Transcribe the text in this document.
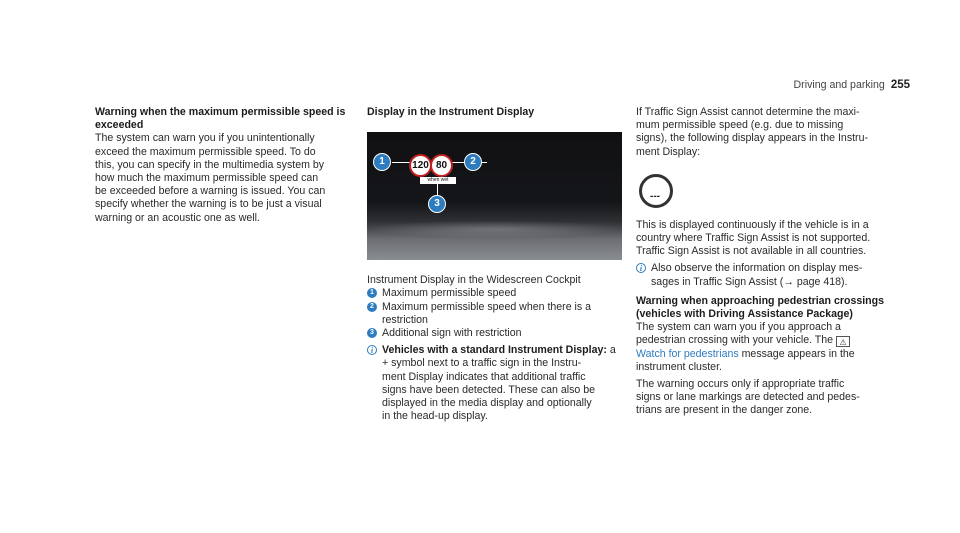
Driving and parking 255
Warning when the maximum permissible speed is
exceeded

The system can warn you if you unintentionally
exceed the maximum permissible speed. To do
this, you can specify in the multimedia system by
how much the maximum permissible speed can
be exceeded before a warning is issued. You can
specify whether the warning is to be just a visual
warning or an acoustic one as well.

Display in the Instrument Display
120 80
when wet
1	2
3

Instrument Display in the Widescreen Cockpit

1 Maximum permissible speed
2 Maximum permissible speed when there is a
restriction
3 Additional sign with restriction
i Vehicles with a standard Instrument Display: a
+ symbol next to a traffic sign in the Instru-
ment Display indicates that additional traffic
signs have been detected. These can also be
displayed in the media display and optionally
in the head-up display.

If Traffic Sign Assist cannot determine the maxi-
mum permissible speed (e.g. due to missing
signs), the following display appears in the Instru-
ment Display:

---

This is displayed continuously if the vehicle is in a
country where Traffic Sign Assist is not supported.
Traffic Sign Assist is not available in all countries.

i Also observe the information on display mes-
sages in Traffic Sign Assist (→ page 418).
Warning when approaching pedestrian crossings
(vehicles with Driving Assistance Package)

The system can warn you if you approach a
pedestrian crossing with your vehicle. The ⚠
Watch for pedestrians message appears in the
instrument cluster.

The warning occurs only if appropriate traffic
signs or lane markings are detected and pedes-
trians are present in the danger zone.
